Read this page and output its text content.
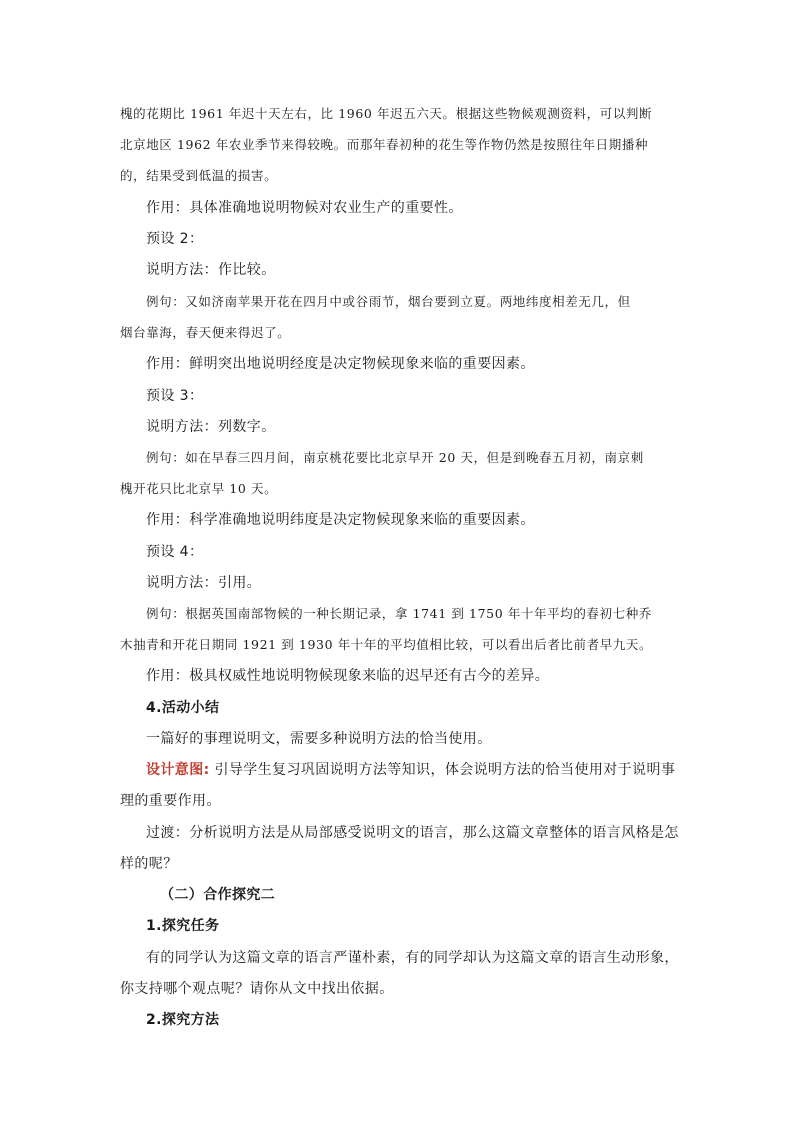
槐的花期比 1961 年迟十天左右，比 1960 年迟五六天。根据这些物候观测资料，可以判断
北京地区 1962 年农业季节来得较晚。而那年春初种的花生等作物仍然是按照往年日期播种
的，结果受到低温的损害。
作用：具体准确地说明物候对农业生产的重要性。
预设 2：
说明方法：作比较。
例句：又如济南苹果开花在四月中或谷雨节，烟台要到立夏。两地纬度相差无几，但
烟台靠海，春天便来得迟了。
作用：鲜明突出地说明经度是决定物候现象来临的重要因素。
预设 3：
说明方法：列数字。
例句：如在早春三四月间，南京桃花要比北京早开 20 天，但是到晚春五月初，南京刺
槐开花只比北京早 10 天。
作用：科学准确地说明纬度是决定物候现象来临的重要因素。
预设 4：
说明方法：引用。
例句：根据英国南部物候的一种长期记录，拿 1741 到 1750 年十年平均的春初七种乔
木抽青和开花日期同 1921 到 1930 年十年的平均值相比较，可以看出后者比前者早九天。
作用：极具权威性地说明物候现象来临的迟早还有古今的差异。
4.活动小结
一篇好的事理说明文，需要多种说明方法的恰当使用。
设计意图: 引导学生复习巩固说明方法等知识，体会说明方法的恰当使用对于说明事
理的重要作用。
过渡：分析说明方法是从局部感受说明文的语言，那么这篇文章整体的语言风格是怎
样的呢？
（二）合作探究二
1.探究任务
有的同学认为这篇文章的语言严谨朴素，有的同学却认为这篇文章的语言生动形象，
你支持哪个观点呢？请你从文中找出依据。
2.探究方法
